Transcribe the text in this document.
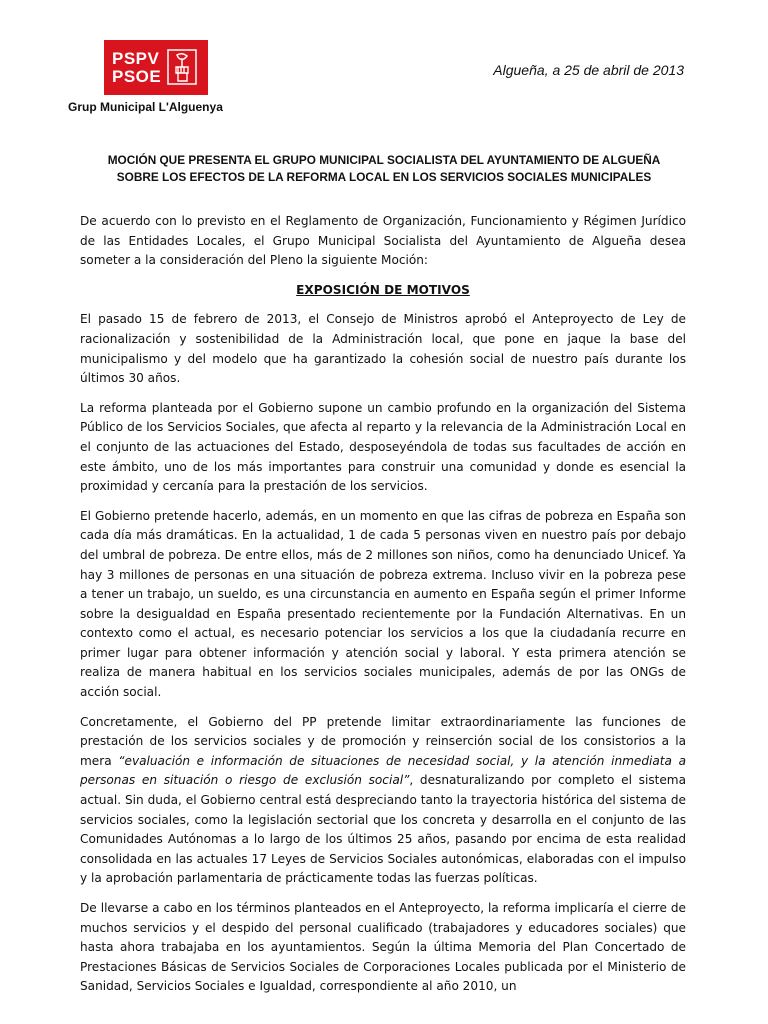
PSPV
PSOE
Grup Municipal L'Alguenya
Algueña, a 25 de abril de 2013
MOCIÓN QUE PRESENTA EL GRUPO MUNICIPAL SOCIALISTA DEL AYUNTAMIENTO DE ALGUEÑA
SOBRE LOS EFECTOS DE LA REFORMA LOCAL EN LOS SERVICIOS SOCIALES MUNICIPALES

De acuerdo con lo previsto en el Reglamento de Organización, Funcionamiento y Régimen Jurídico de las Entidades Locales, el Grupo Municipal Socialista del Ayuntamiento de Algueña desea someter a la consideración del Pleno la siguiente Moción:

EXPOSICIÓN DE MOTIVOS

El pasado 15 de febrero de 2013, el Consejo de Ministros aprobó el Anteproyecto de Ley de racionalización y sostenibilidad de la Administración local, que pone en jaque la base del municipalismo y del modelo que ha garantizado la cohesión social de nuestro país durante los últimos 30 años.

La reforma planteada por el Gobierno supone un cambio profundo en la organización del Sistema Público de los Servicios Sociales, que afecta al reparto y la relevancia de la Administración Local en el conjunto de las actuaciones del Estado, desposeyéndola de todas sus facultades de acción en este ámbito, uno de los más importantes para construir una comunidad y donde es esencial la proximidad y cercanía para la prestación de los servicios.

El Gobierno pretende hacerlo, además, en un momento en que las cifras de pobreza en España son cada día más dramáticas. En la actualidad, 1 de cada 5 personas viven en nuestro país por debajo del umbral de pobreza. De entre ellos, más de 2 millones son niños, como ha denunciado Unicef. Ya hay 3 millones de personas en una situación de pobreza extrema. Incluso vivir en la pobreza pese a tener un trabajo, un sueldo, es una circunstancia en aumento en España según el primer Informe sobre la desigualdad en España presentado recientemente por la Fundación Alternativas. En un contexto como el actual, es necesario potenciar los servicios a los que la ciudadanía recurre en primer lugar para obtener información y atención social y laboral. Y esta primera atención se realiza de manera habitual en los servicios sociales municipales, además de por las ONGs de acción social.

Concretamente, el Gobierno del PP pretende limitar extraordinariamente las funciones de prestación de los servicios sociales y de promoción y reinserción social de los consistorios a la mera “evaluación e información de situaciones de necesidad social, y la atención inmediata a personas en situación o riesgo de exclusión social”, desnaturalizando por completo el sistema actual. Sin duda, el Gobierno central está despreciando tanto la trayectoria histórica del sistema de servicios sociales, como la legislación sectorial que los concreta y desarrolla en el conjunto de las Comunidades Autónomas a lo largo de los últimos 25 años, pasando por encima de esta realidad consolidada en las actuales 17 Leyes de Servicios Sociales autonómicas, elaboradas con el impulso y la aprobación parlamentaria de prácticamente todas las fuerzas políticas.

De llevarse a cabo en los términos planteados en el Anteproyecto, la reforma implicaría el cierre de muchos servicios y el despido del personal cualificado (trabajadores y educadores sociales) que hasta ahora trabajaba en los ayuntamientos. Según la última Memoria del Plan Concertado de Prestaciones Básicas de Servicios Sociales de Corporaciones Locales publicada por el Ministerio de Sanidad, Servicios Sociales e Igualdad, correspondiente al año 2010, un
